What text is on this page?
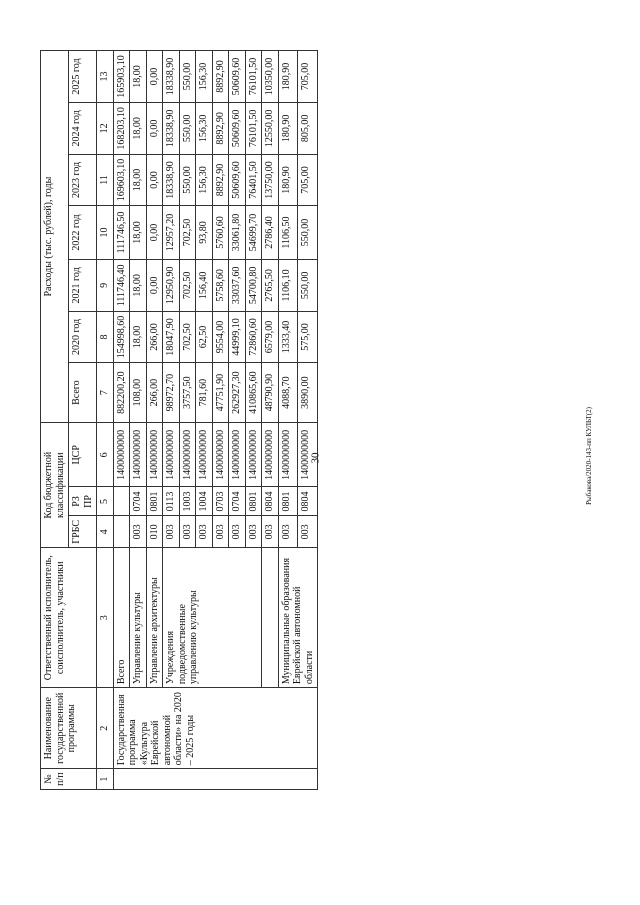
30	Рыбакова/2020-143-пп КУЛЬТ(2)
№ п/п	Наименование государственной программы	Ответственный исполнитель, соисполнитель, участники	Код бюджетной классификации			Расходы (тыс. рублей), годы						
			ГРБС	РЗ ПР	ЦСР	Всего	2020 год	2021 год	2022 год	2023 год	2024 год	2025 год
1	2	3	4	5	6	7	8	9	10	11	12	13
	Государственная программа «Культура Еврейской автономной области» на 2020 – 2025 годы	Всего			1400000000	882200,20	154998,60	111746,40	111746,50	169603,10	168203,10	165903,10
		Управление культуры	003	0704	1400000000	108,00	18,00	18,00	18,00	18,00	18,00	18,00
		Управление архитектуры	010	0801	1400000000	266,00	266,00	0,00	0,00	0,00	0,00	0,00
		Учреждения подведомственные управлению культуры	003	0113	1400000000	98972,70	18047,90	12950,90	12957,20	18338,90	18338,90	18338,90
			003	1003	1400000000	3757,50	702,50	702,50	702,50	550,00	550,00	550,00
			003	1004	1400000000	781,60	62,50	156,40	93,80	156,30	156,30	156,30
			003	0703	1400000000	47751,90	9554,00	5758,60	5760,60	8892,90	8892,90	8892,90
			003	0704	1400000000	262927,30	44999,10	33037,60	33061,80	50609,60	50609,60	50609,60
			003	0801	1400000000	410865,60	72860,60	54700,80	54699,70	76401,50	76101,50	76101,50
			003	0804	1400000000	48790,90	6579,00	2765,50	2786,40	13750,00	12550,00	10350,00
		Муниципальные образования Еврейской автономной области	003	0801	1400000000	4088,70	1333,40	1106,10	1106,50	180,90	180,90	180,90
			003	0804	1400000000	3890,00	575,00	550,00	550,00	705,00	805,00	705,00
